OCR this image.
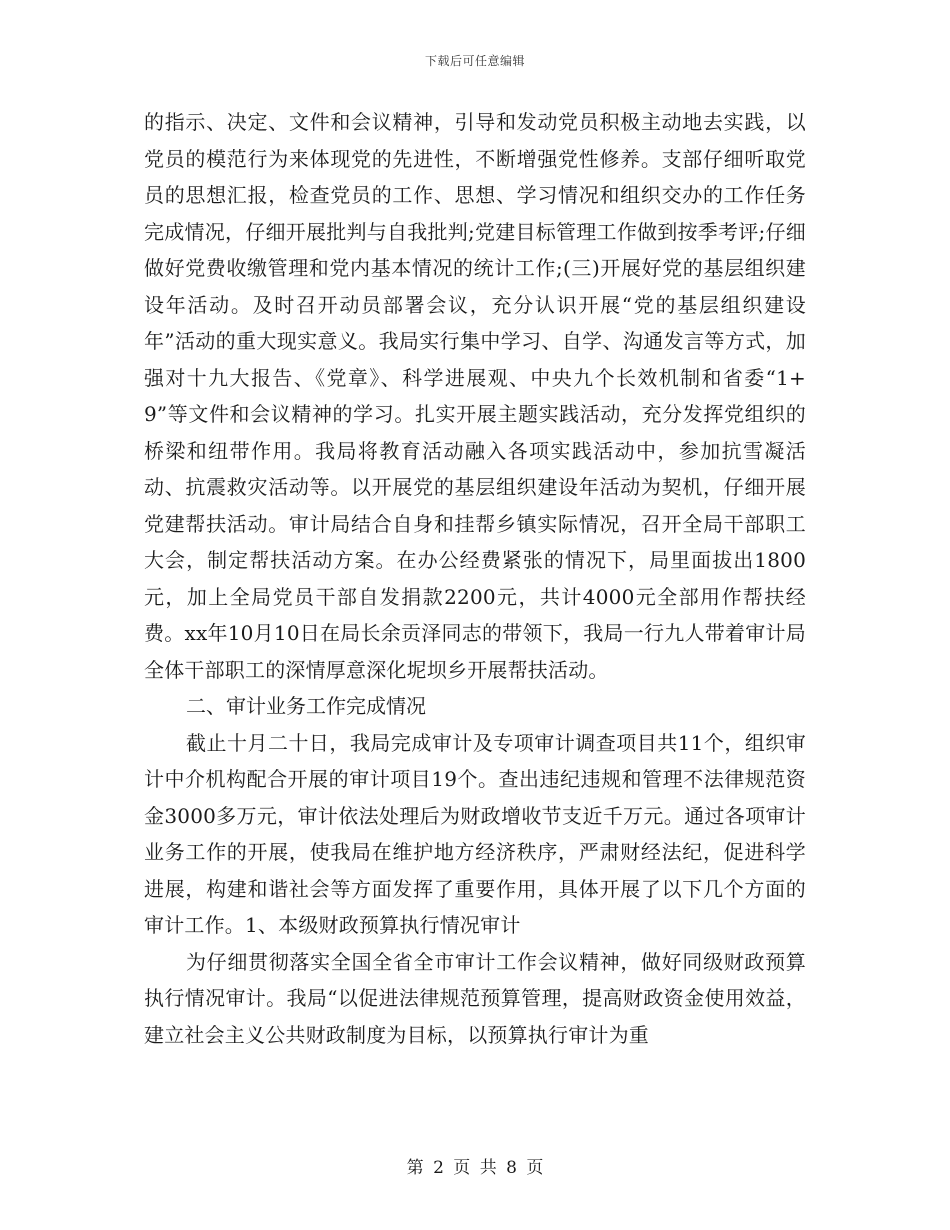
下载后可任意编辑

的指示、决定、文件和会议精神，引导和发动党员积极主动地去实践，以党员的模范行为来体现党的先进性，不断增强党性修养。支部仔细听取党员的思想汇报，检查党员的工作、思想、学习情况和组织交办的工作任务完成情况，仔细开展批判与自我批判;党建目标管理工作做到按季考评;仔细做好党费收缴管理和党内基本情况的统计工作;(三)开展好党的基层组织建设年活动。及时召开动员部署会议，充分认识开展“党的基层组织建设年”活动的重大现实意义。我局实行集中学习、自学、沟通发言等方式，加强对十九大报告、《党章》、科学进展观、中央九个长效机制和省委“1+9”等文件和会议精神的学习。扎实开展主题实践活动，充分发挥党组织的桥梁和纽带作用。我局将教育活动融入各项实践活动中，参加抗雪凝活动、抗震救灾活动等。以开展党的基层组织建设年活动为契机，仔细开展党建帮扶活动。审计局结合自身和挂帮乡镇实际情况，召开全局干部职工大会，制定帮扶活动方案。在办公经费紧张的情况下，局里面拔出1800元，加上全局党员干部自发捐款2200元，共计4000元全部用作帮扶经费。xx年10月10日在局长余贡泽同志的带领下，我局一行九人带着审计局全体干部职工的深情厚意深化坭坝乡开展帮扶活动。

二、审计业务工作完成情况

截止十月二十日，我局完成审计及专项审计调查项目共11个，组织审计中介机构配合开展的审计项目19个。查出违纪违规和管理不法律规范资金3000多万元，审计依法处理后为财政增收节支近千万元。通过各项审计业务工作的开展，使我局在维护地方经济秩序，严肃财经法纪，促进科学进展，构建和谐社会等方面发挥了重要作用，具体开展了以下几个方面的审计工作。1、本级财政预算执行情况审计

为仔细贯彻落实全国全省全市审计工作会议精神，做好同级财政预算执行情况审计。我局“以促进法律规范预算管理，提高财政资金使用效益，建立社会主义公共财政制度为目标，以预算执行审计为重

第 2 页 共 8 页
